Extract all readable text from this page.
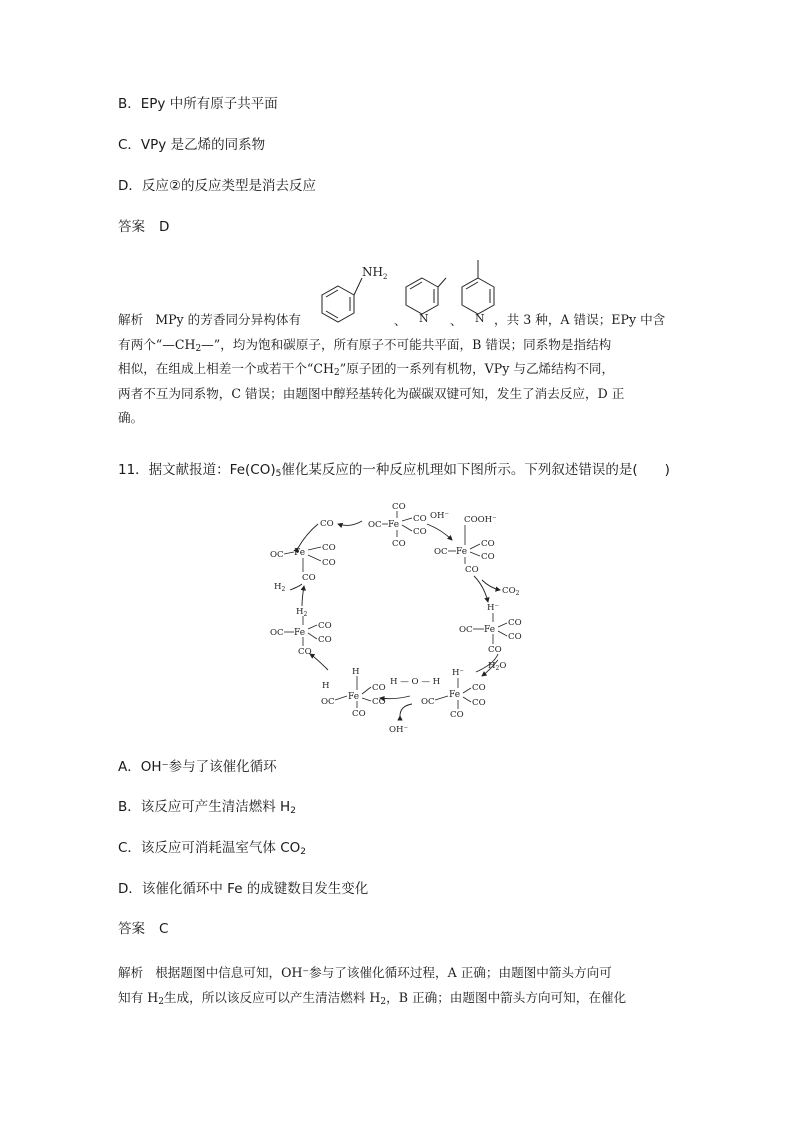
B．EPy 中所有原子共平面
C．VPy 是乙烯的同系物
D．反应②的反应类型是消去反应
答案 D
$NH_2$
N	N
、	、
解析 MPy 的芳香同分异构体有	，共 3 种，A 错误；EPy 中含
有两个“$—CH_2—$”，均为饱和碳原子，所有原子不可能共平面，B 错误；同系物是指结构
相似，在组成上相差一个或若干个“$CH_2$”原子团的一系列有机物，VPy 与乙烯结构不同，
两者不互为同系物，C 错误；由题图中醇羟基转化为碳碳双键可知，发生了消去反应，D 正
确。
11．据文献报道：$Fe(CO)_5$催化某反应的一种反应机理如下图所示。下列叙述错误的是(　　)
CO
OC Fe
CO
CO
CO
OH⁻
CO	COOH⁻
OC Fe
CO
CO
CO
$CO_2$
H⁻
OC Fe
CO
CO
CO
$H_2O$
H⁻
OC
Fe
CO
CO
CO
H — O — H
OH⁻
H
OC Fe
CO
CO
CO
H
$H_2$
OC Fe
CO
CO
CO
OC Fe CO
CO
CO
$H_2$
A．OH⁻参与了该催化循环
B．该反应可产生清洁燃料 $H_2$
C．该反应可消耗温室气体 $CO_2$
D．该催化循环中 Fe 的成键数目发生变化
答案 C
解析 根据题图中信息可知，OH⁻参与了该催化循环过程，A 正确；由题图中箭头方向可
知有 $H_2$生成，所以该反应可以产生清洁燃料 $H_2$，B 正确；由题图中箭头方向可知，在催化
